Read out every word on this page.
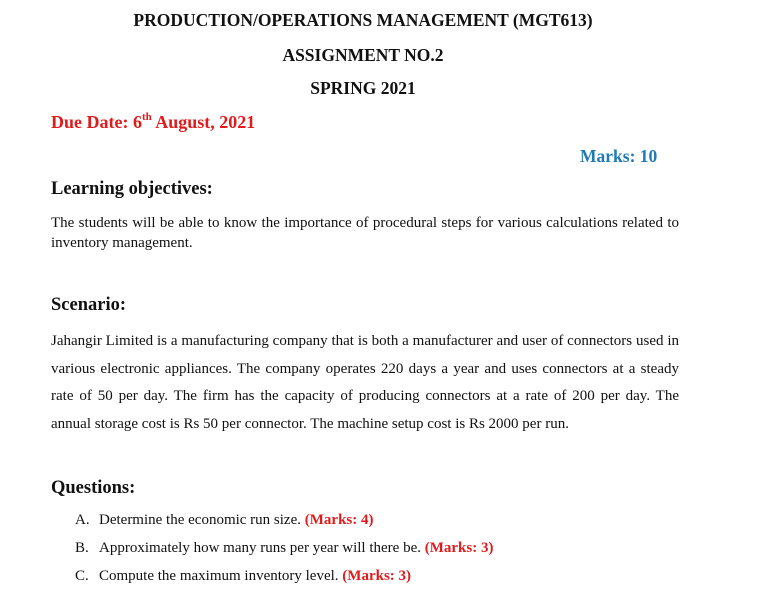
PRODUCTION/OPERATIONS MANAGEMENT (MGT613)
ASSIGNMENT NO.2
SPRING 2021
Due Date: 6th August, 2021
Marks: 10
Learning objectives:
The students will be able to know the importance of procedural steps for various calculations related to inventory management.
Scenario:
Jahangir Limited is a manufacturing company that is both a manufacturer and user of connectors used in various electronic appliances. The company operates 220 days a year and uses connectors at a steady rate of 50 per day. The firm has the capacity of producing connectors at a rate of 200 per day. The annual storage cost is Rs 50 per connector. The machine setup cost is Rs 2000 per run.
Questions:
A. Determine the economic run size. (Marks: 4)
B. Approximately how many runs per year will there be. (Marks: 3)
C. Compute the maximum inventory level. (Marks: 3)
